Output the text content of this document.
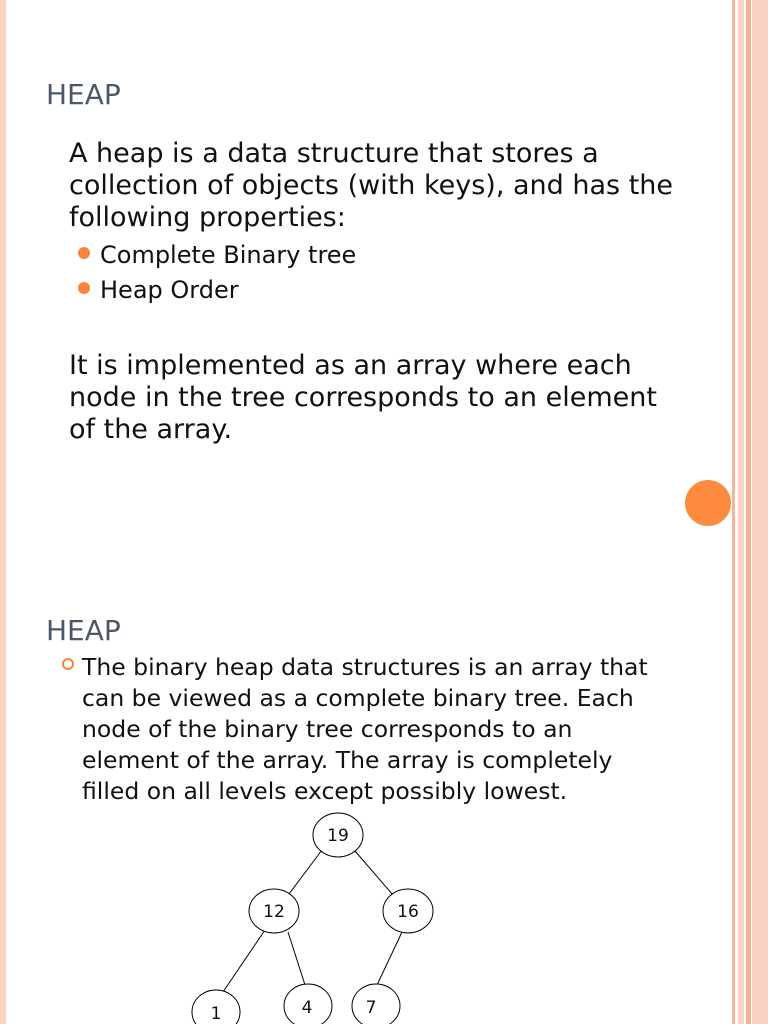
HEAP

A heap is a data structure that stores a collection of objects (with keys), and has the following properties:

Complete Binary tree
Heap Order

It is implemented as an array where each node in the tree corresponds to an element of the array.

HEAP

The binary heap data structures is an array that can be viewed as a complete binary tree. Each node of the binary tree corresponds to an element of the array. The array is completely filled on all levels except possibly lowest.

19
12	16
1	4	7
